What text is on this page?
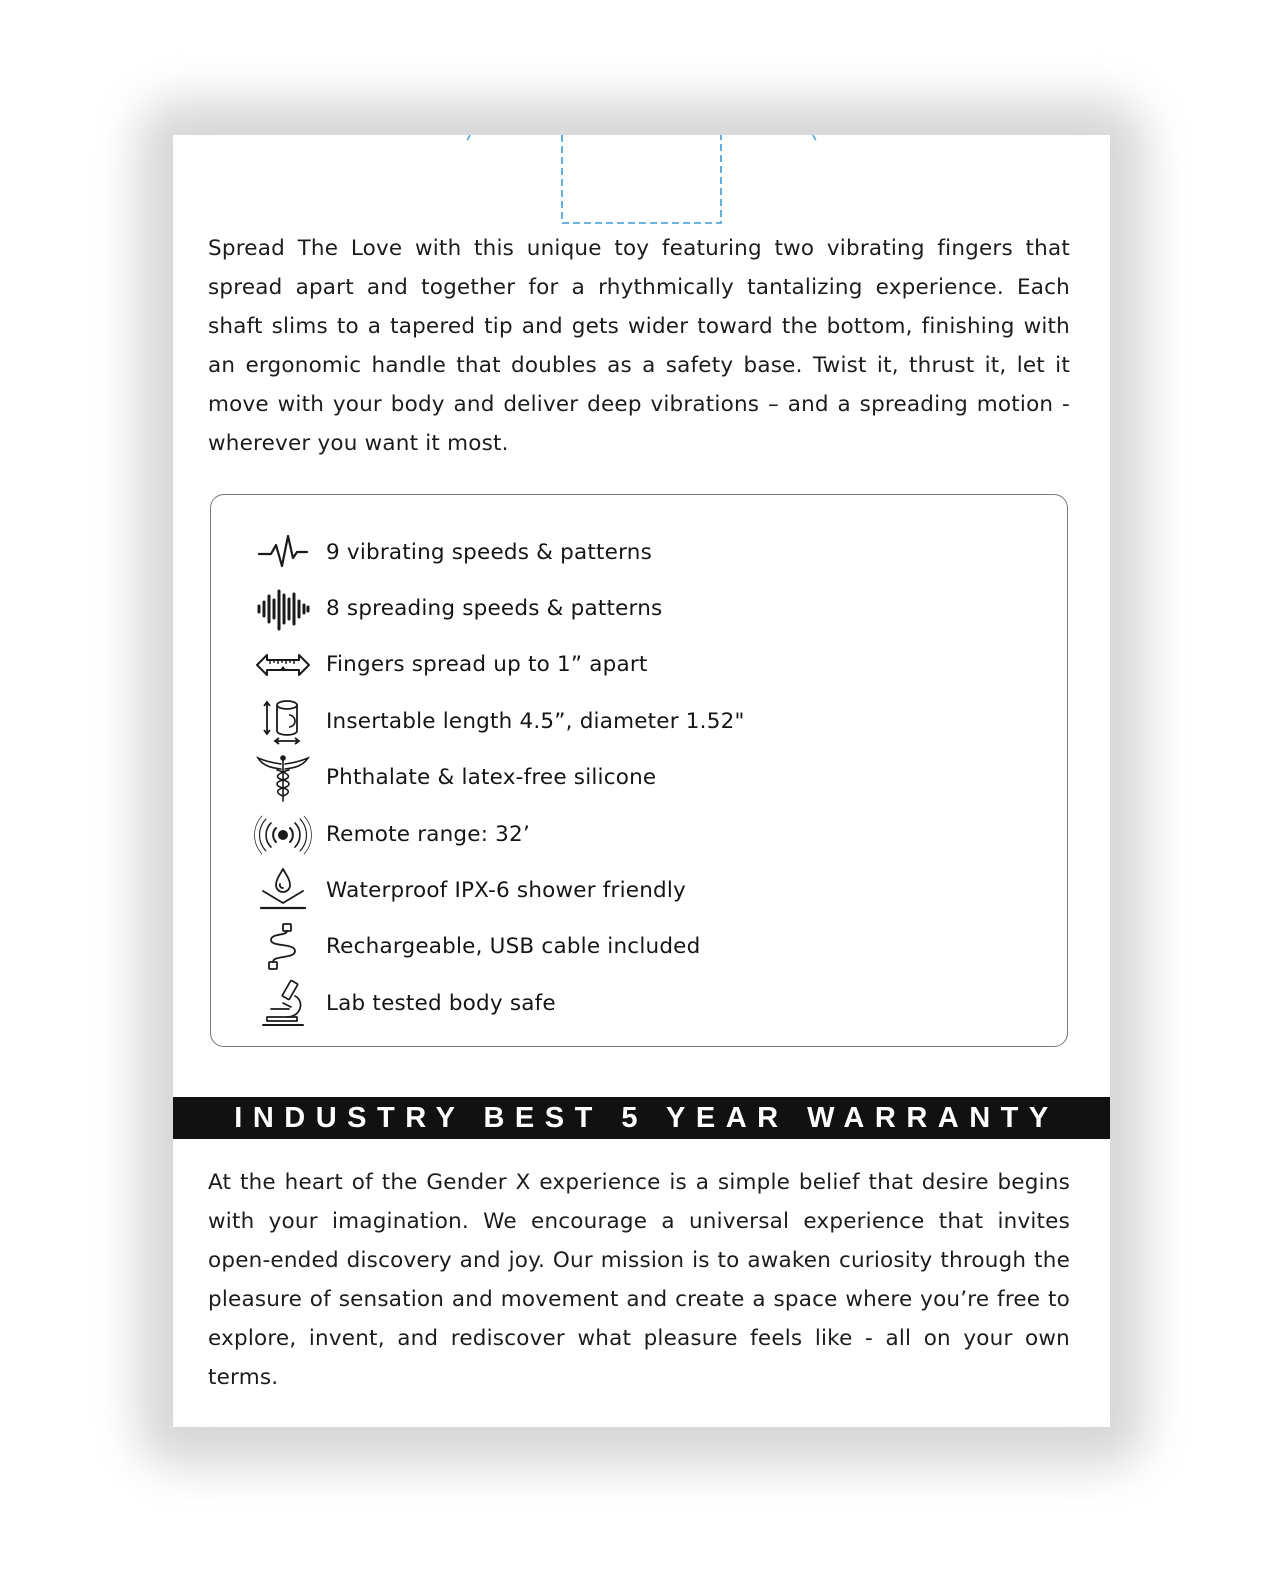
Spread The Love with this unique toy featuring two vibrating fingers that spread apart and together for a rhythmically tantalizing experience. Each shaft slims to a tapered tip and gets wider toward the bottom, finishing with an ergonomic handle that doubles as a safety base. Twist it, thrust it, let it move with your body and deliver deep vibrations – and a spreading motion - wherever you want it most.

9 vibrating speeds & patterns
8 spreading speeds & patterns
Fingers spread up to 1” apart
Insertable length 4.5”, diameter 1.52"
Phthalate & latex-free silicone
Remote range: 32’
Waterproof IPX-6 shower friendly
Rechargeable, USB cable included
Lab tested body safe
INDUSTRY BEST 5 YEAR WARRANTY

At the heart of the Gender X experience is a simple belief that desire begins with your imagination. We encourage a universal experience that invites open-ended discovery and joy. Our mission is to awaken curiosity through the pleasure of sensation and movement and create a space where you’re free to explore, invent, and rediscover what pleasure feels like - all on your own terms.
